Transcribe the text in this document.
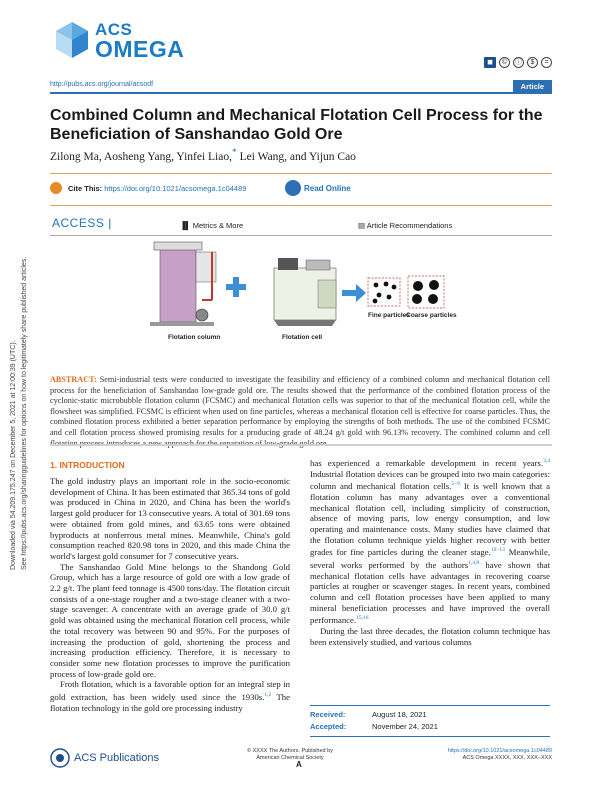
ACS
OMEGA
◼	©	ⓘ	$	=
http://pubs.acs.org/journal/acsodf	Article
Combined Column and Mechanical Flotation Cell Process for the Beneficiation of Sanshandao Gold Ore
Zilong Ma, Aosheng Yang, Yinfei Liao,* Lei Wang, and Yijun Cao
Cite This: https://doi.org/10.1021/acsomega.1c04489	Read Online
ACCESS |	▐▌ Metrics & More	▤ Article Recommendations
Downloaded via 54.209.175.247 on December 5, 2021 at 12:00:39 (UTC). See https://pubs.acs.org/sharingguidelines for options on how to legitimately share published articles.	Flotation column	Flotation cell
Fine particles
Coarse particles
ABSTRACT: Semi-industrial tests were conducted to investigate the feasibility and efficiency of a combined column and mechanical flotation cell process for the beneficiation of Sanshandao low-grade gold ore. The results showed that the performance of the combined flotation process of the cyclonic-static microbubble flotation column (FCSMC) and mechanical flotation cells was superior to that of the mechanical flotation cell, while the flowsheet was simplified. FCSMC is efficient when used on fine particles, whereas a mechanical flotation cell is effective for coarse particles. Thus, the combined flotation process exhibited a better separation performance by employing the strengths of both methods. The use of the combined FCSMC and cell flotation process showed promising results for a producing grade of 48.24 g/t gold with 96.13% recovery. The combined column and cell
1. INTRODUCTION

The gold industry plays an important role in the socio-economic development of China. It has been estimated that 365.34 tons of gold was produced in China in 2020, and China has been the world's largest gold producer for 13 consecutive years. A total of 301.69 tons were obtained from gold mines, and 63.65 tons were obtained byproducts at nonferrous metal mines. Meanwhile, China's gold consumption reached 820.98 tons in 2020, and this made China the world's largest gold consumer for 7 consecutive years.

The Sanshandao Gold Mine belongs to the Shandong Gold Group, which has a large resource of gold ore with a low grade of 2.2 g/t. The plant feed tonnage is 4500 tons/day. The flotation circuit consists of a one-stage rougher and a two-stage cleaner with a two-stage scavenger. A concentrate with an average grade of 30.0 g/t gold was obtained using the mechanical flotation cell process, while the total recovery was between 90 and 95%. For the purposes of increasing the production of gold, shortening the process and increasing production efficiency. Therefore, it is necessary to consider some new flotation processes to improve the purification process of low-grade gold ore.

Froth flotation, which is a favorable option for an integral step in gold extraction, has been widely used since the 1930s.$^{1,2}$ The flotation technology in the gold ore processing industry

has experienced a remarkable development in recent years.$^{3,4}$ Industrial flotation devices can be grouped into two main categories: column and mechanical flotation cells.$^{5-9}$ It is well known that a flotation column has many advantages over a conventional mechanical flotation cell, including simplicity of construction, absence of moving parts, low energy consumption, and low operating and maintenance costs. Many studies have claimed that the flotation column technique yields higher recovery with better grades for fine particles during the cleaner stage.$^{10-13}$ Meanwhile, several works performed by the authors$^{1,4,8}$ have shown that mechanical flotation cells have advantages in recovering coarse particles at rougher or scavenger stages. In recent years, combined column and cell flotation processes have been applied to many mineral beneficiation processes and have improved the overall performance.$^{15,16}$

During the last three decades, the flotation column technique has been extensively studied, and various columns

Received:	August 18, 2021
Accepted:	November 24, 2021
ACS Publications
© XXXX The Authors. Published by
American Chemical Society
A
https://doi.org/10.1021/acsomega.1c04489
ACS Omega XXXX, XXX, XXX−XXX
